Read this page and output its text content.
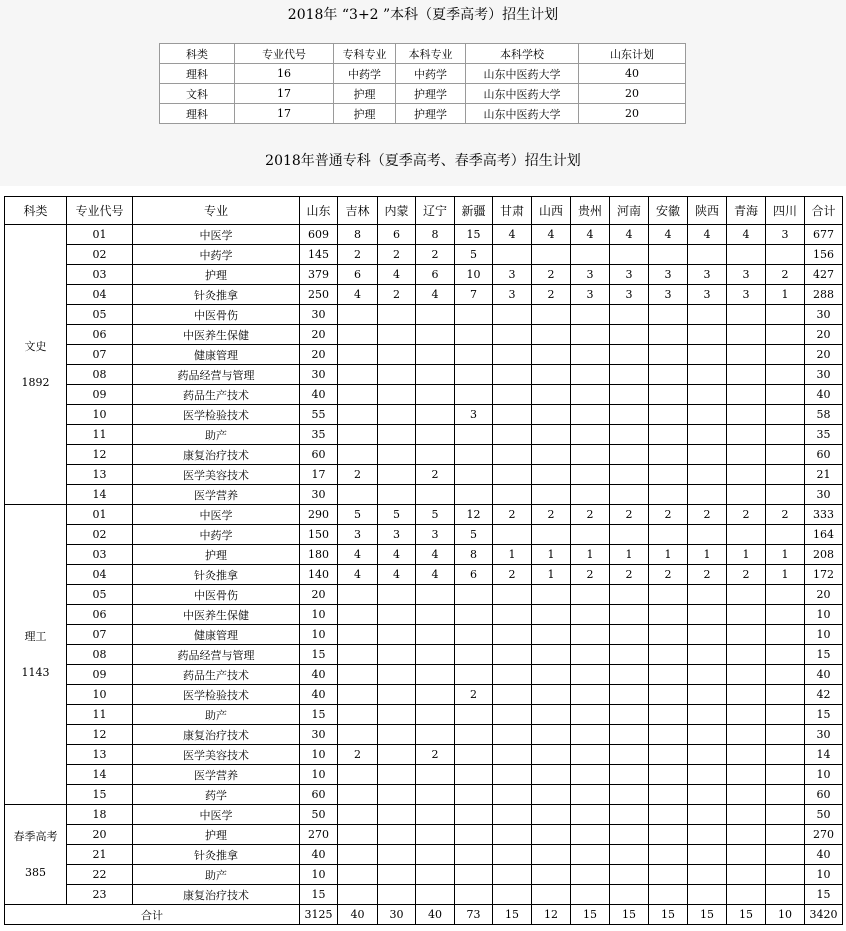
2018年 “3+2 ”本科（夏季高考）招生计划
科类	专业代号	专科专业	本科专业	本科学校	山东计划
理科	16	中药学	中药学	山东中医药大学	40
文科	17	护理	护理学	山东中医药大学	20
理科	17	护理	护理学	山东中医药大学	20
2018年普通专科（夏季高考、春季高考）招生计划
科类	专业代号	专业	山东	吉林	内蒙	辽宁	新疆	甘肃	山西	贵州	河南	安徽	陕西	青海	四川	合计

文史
1892	01	中医学	609	8	6	8	15	4	4	4	4	4	4	4	3	677
	02	中药学	145	2	2	2	5									156
	03	护理	379	6	4	6	10	3	2	3	3	3	3	3	2	427
	04	针灸推拿	250	4	2	4	7	3	2	3	3	3	3	3	1	288
	05	中医骨伤	30													30
	06	中医养生保健	20													20
	07	健康管理	20													20
	08	药品经营与管理	30													30
	09	药品生产技术	40													40
	10	医学检验技术	55				3									58
	11	助产	35													35
	12	康复治疗技术	60													60
	13	医学美容技术	17	2		2										21
	14	医学营养	30													30

理工
1143	01	中医学	290	5	5	5	12	2	2	2	2	2	2	2	2	333
	02	中药学	150	3	3	3	5									164
	03	护理	180	4	4	4	8	1	1	1	1	1	1	1	1	208
	04	针灸推拿	140	4	4	4	6	2	1	2	2	2	2	2	1	172
	05	中医骨伤	20													20
	06	中医养生保健	10													10
	07	健康管理	10													10
	08	药品经营与管理	15													15
	09	药品生产技术	40													40
	10	医学检验技术	40				2									42
	11	助产	15													15
	12	康复治疗技术	30													30
	13	医学美容技术	10	2		2										14
	14	医学营养	10													10
	15	药学	60													60

春季高考
385	18	中医学	50													50
	20	护理	270													270
	21	针灸推拿	40													40
	22	助产	10													10
	23	康复治疗技术	15													15
合计			3125	40	30	40	73	15	12	15	15	15	15	15	10	3420
